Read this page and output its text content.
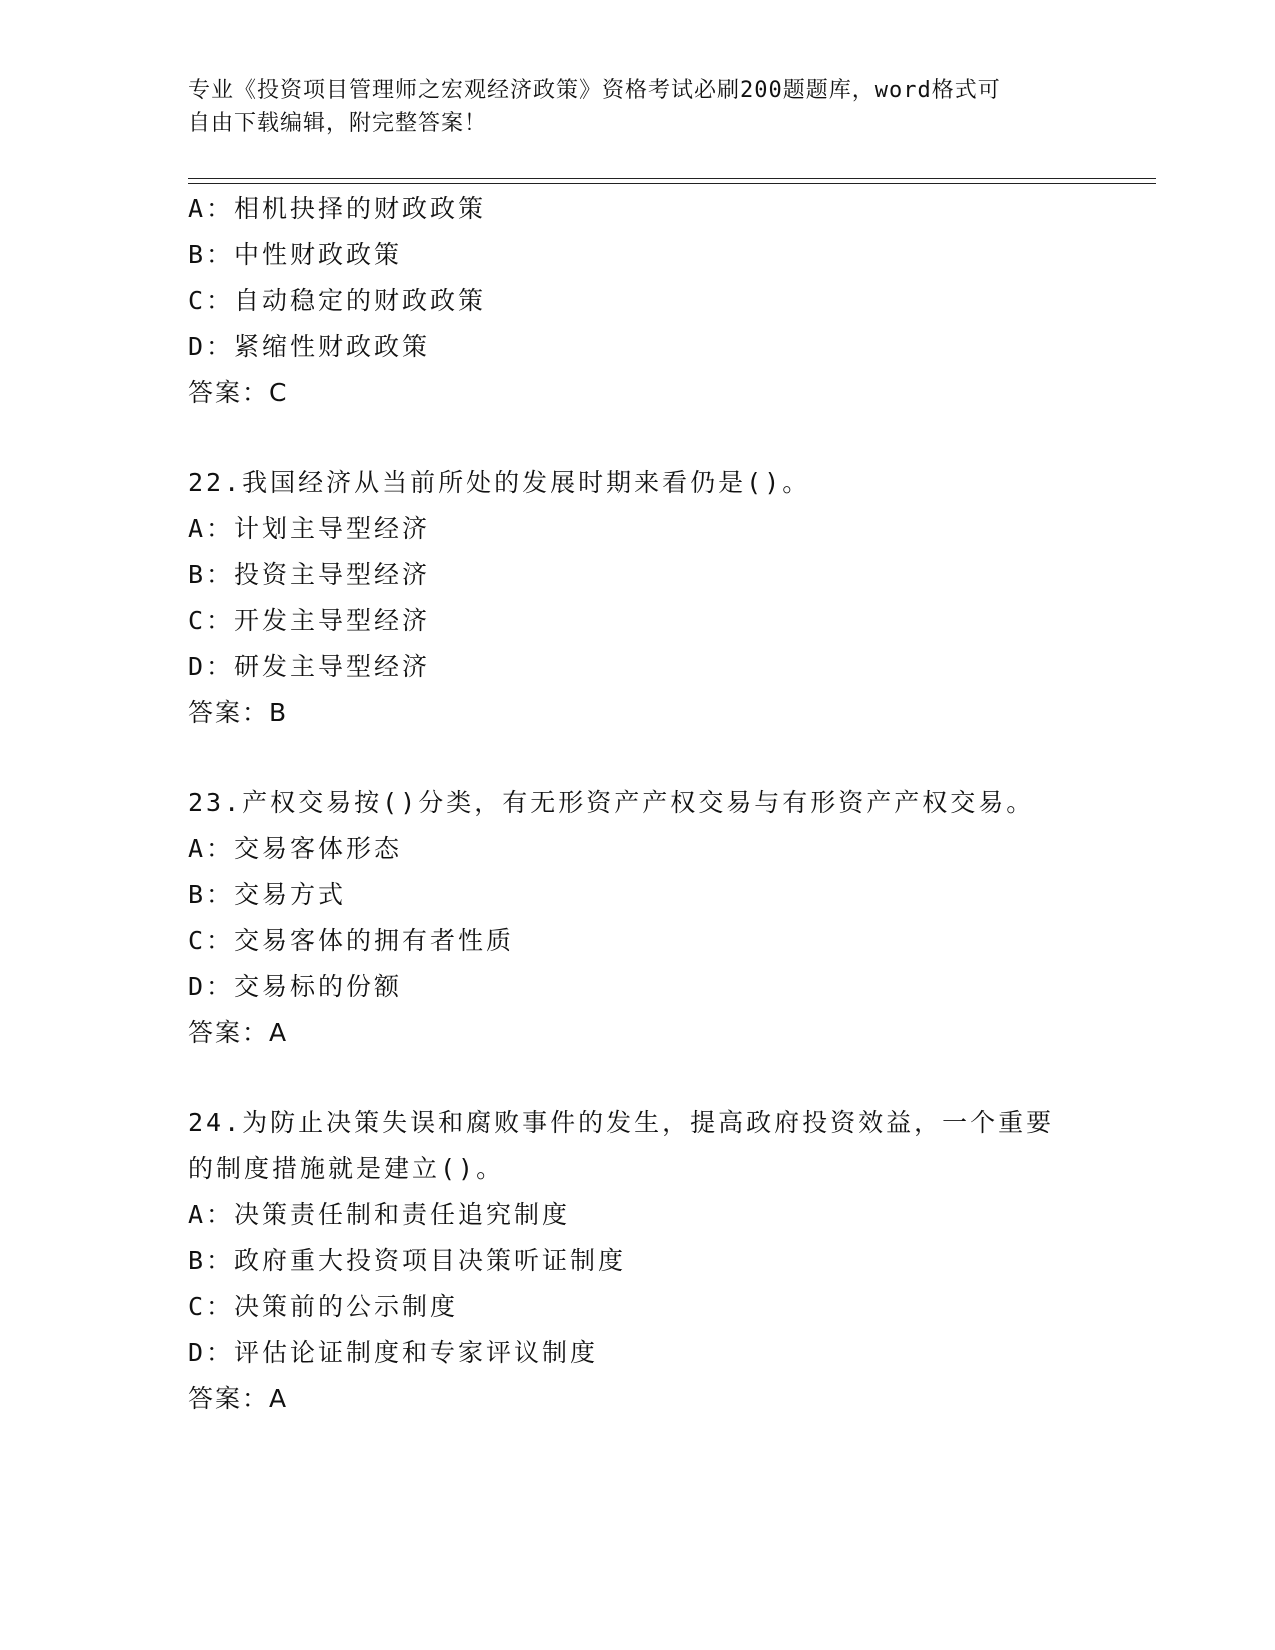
专业《投资项目管理师之宏观经济政策》资格考试必刷200题题库，word格式可
自由下载编辑，附完整答案！
A：相机抉择的财政政策
B：中性财政政策
C：自动稳定的财政政策
D：紧缩性财政政策
答案：C
22.我国经济从当前所处的发展时期来看仍是()。
A：计划主导型经济
B：投资主导型经济
C：开发主导型经济
D：研发主导型经济
答案：B
23.产权交易按()分类，有无形资产产权交易与有形资产产权交易。
A：交易客体形态
B：交易方式
C：交易客体的拥有者性质
D：交易标的份额
答案：A
24.为防止决策失误和腐败事件的发生，提高政府投资效益，一个重要
的制度措施就是建立()。
A：决策责任制和责任追究制度
B：政府重大投资项目决策听证制度
C：决策前的公示制度
D：评估论证制度和专家评议制度
答案：A
